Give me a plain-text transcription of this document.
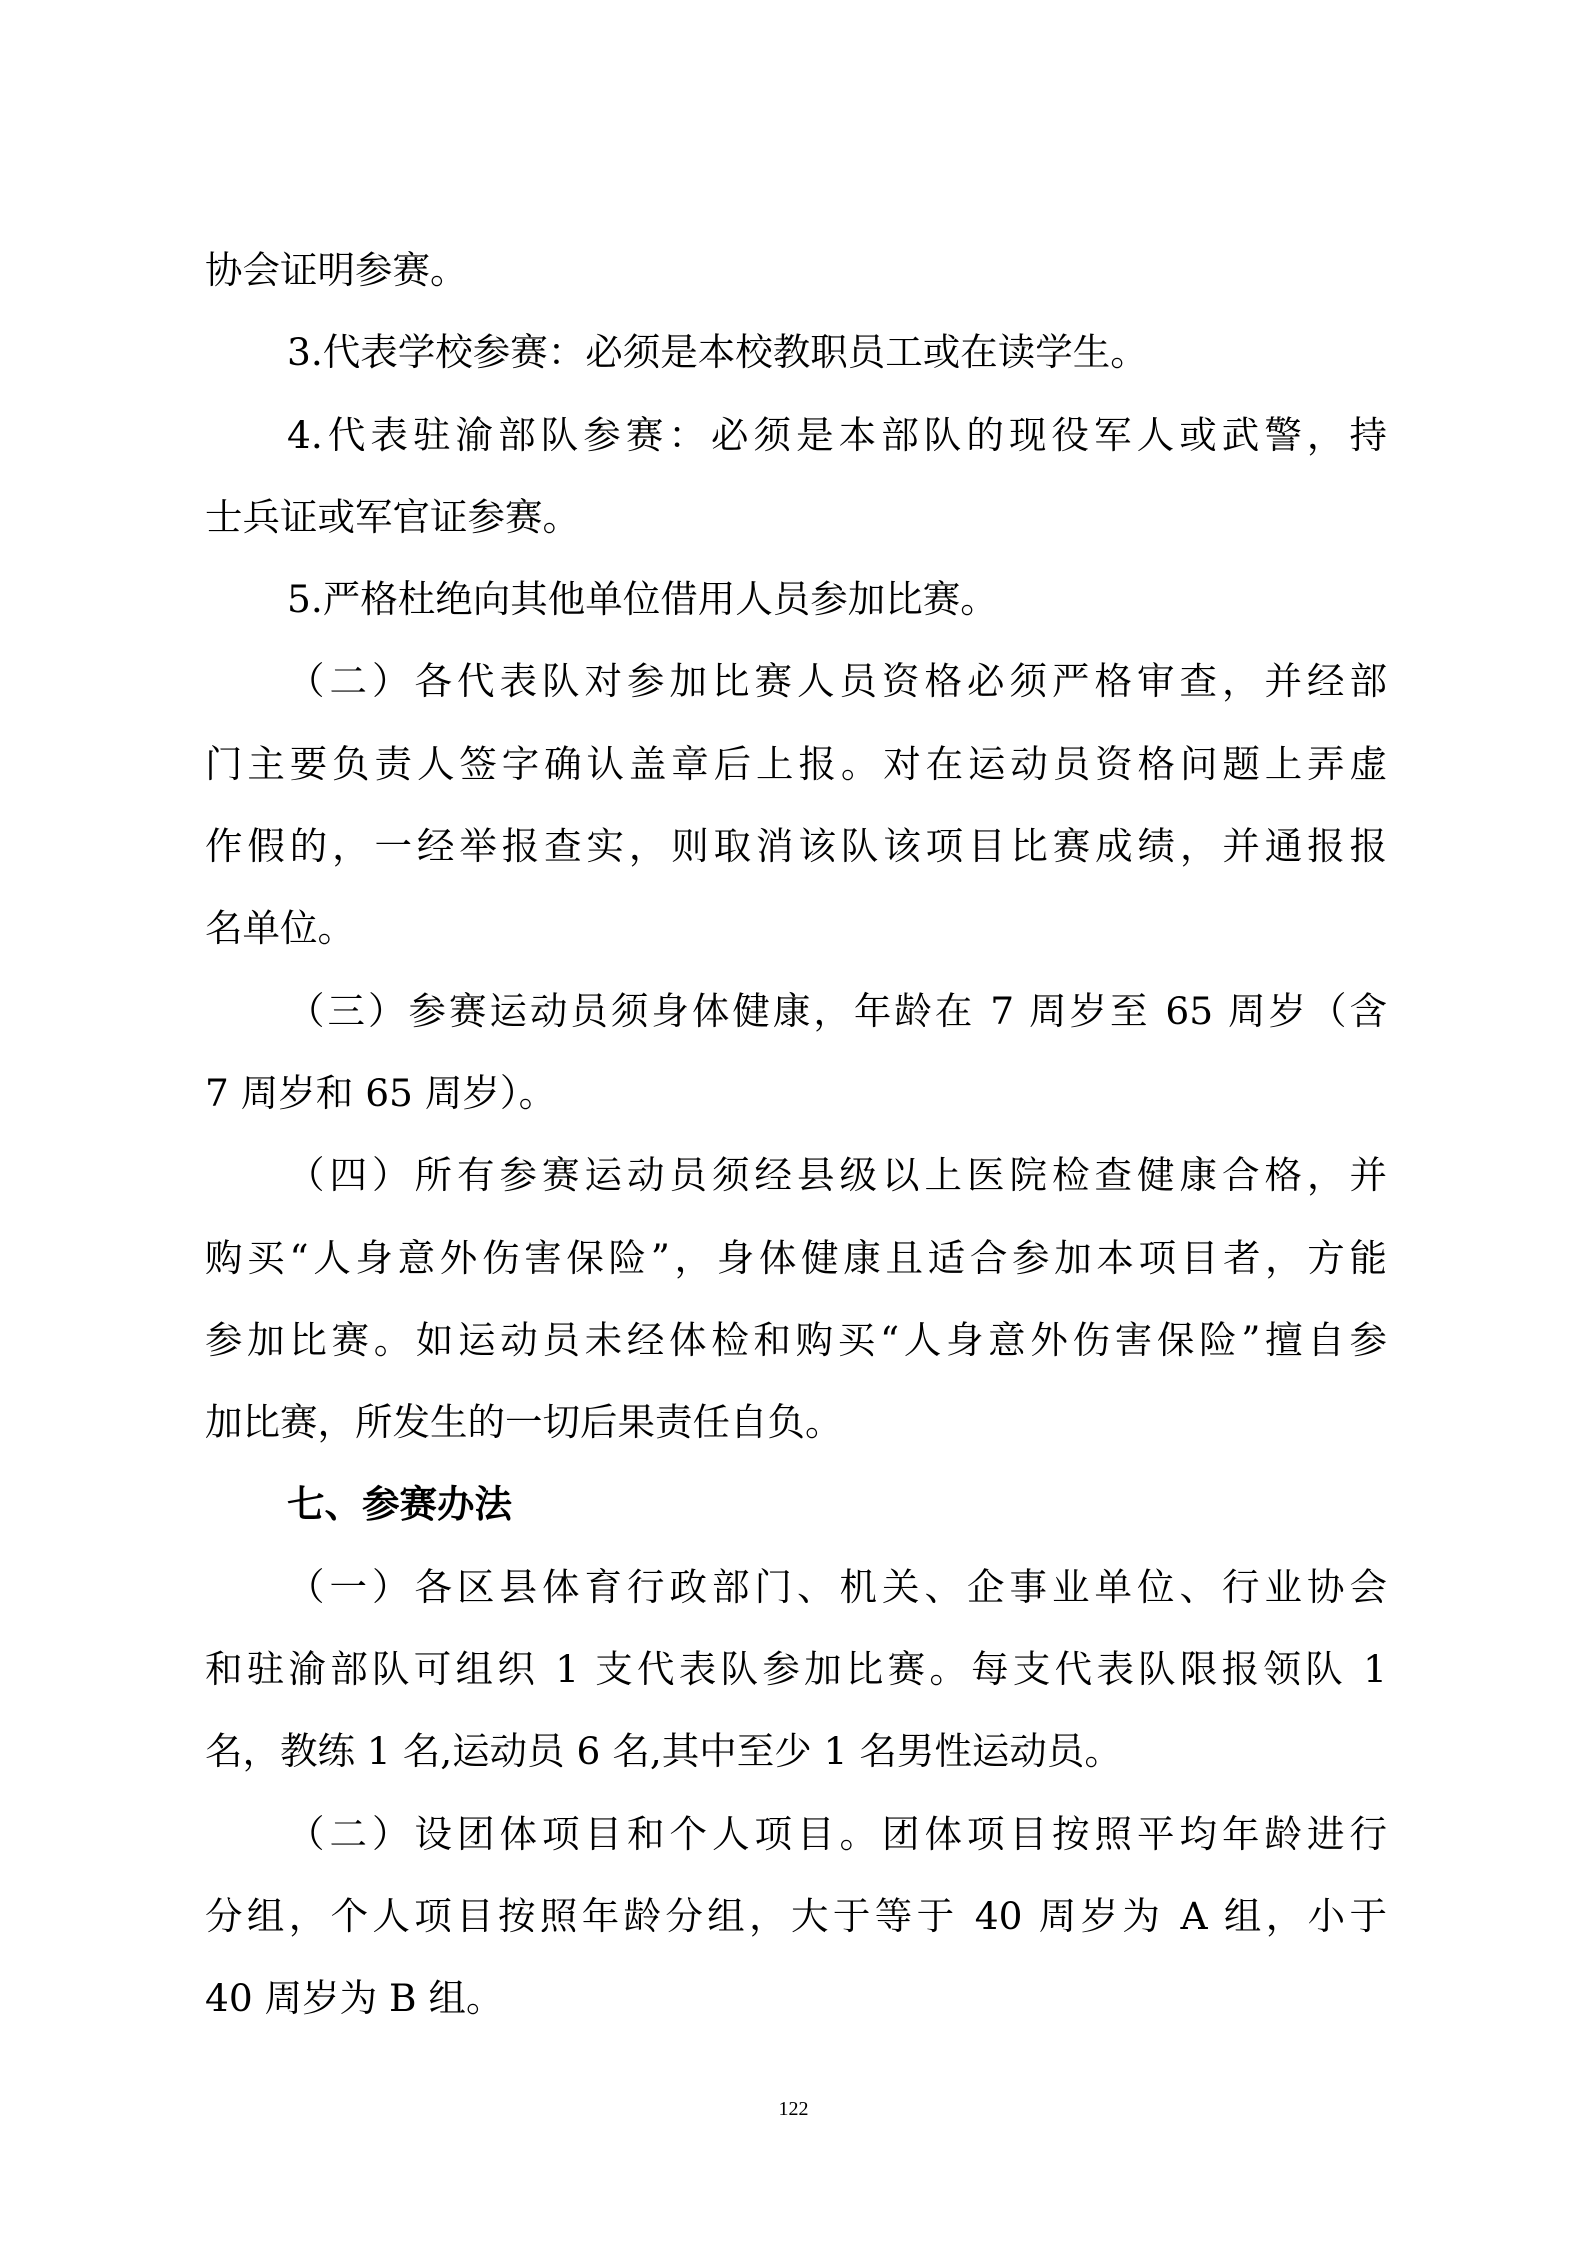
协会证明参赛。
3.代表学校参赛：必须是本校教职员工或在读学生。
4.代表驻渝部队参赛：必须是本部队的现役军人或武警，持
士兵证或军官证参赛。
5.严格杜绝向其他单位借用人员参加比赛。
（二）各代表队对参加比赛人员资格必须严格审查，并经部
门主要负责人签字确认盖章后上报。对在运动员资格问题上弄虚
作假的，一经举报查实，则取消该队该项目比赛成绩，并通报报
名单位。
（三）参赛运动员须身体健康，年龄在 7 周岁至 65 周岁（含
7 周岁和 65 周岁）。
（四）所有参赛运动员须经县级以上医院检查健康合格，并
购买“人身意外伤害保险”，身体健康且适合参加本项目者，方能
参加比赛。如运动员未经体检和购买“人身意外伤害保险”擅自参
加比赛，所发生的一切后果责任自负。
七、参赛办法
（一）各区县体育行政部门、机关、企事业单位、行业协会
和驻渝部队可组织 1 支代表队参加比赛。每支代表队限报领队 1
名，教练 1 名,运动员 6 名,其中至少 1 名男性运动员。
（二）设团体项目和个人项目。团体项目按照平均年龄进行
分组，个人项目按照年龄分组，大于等于 40 周岁为 A 组，小于
40 周岁为 B 组。
122
